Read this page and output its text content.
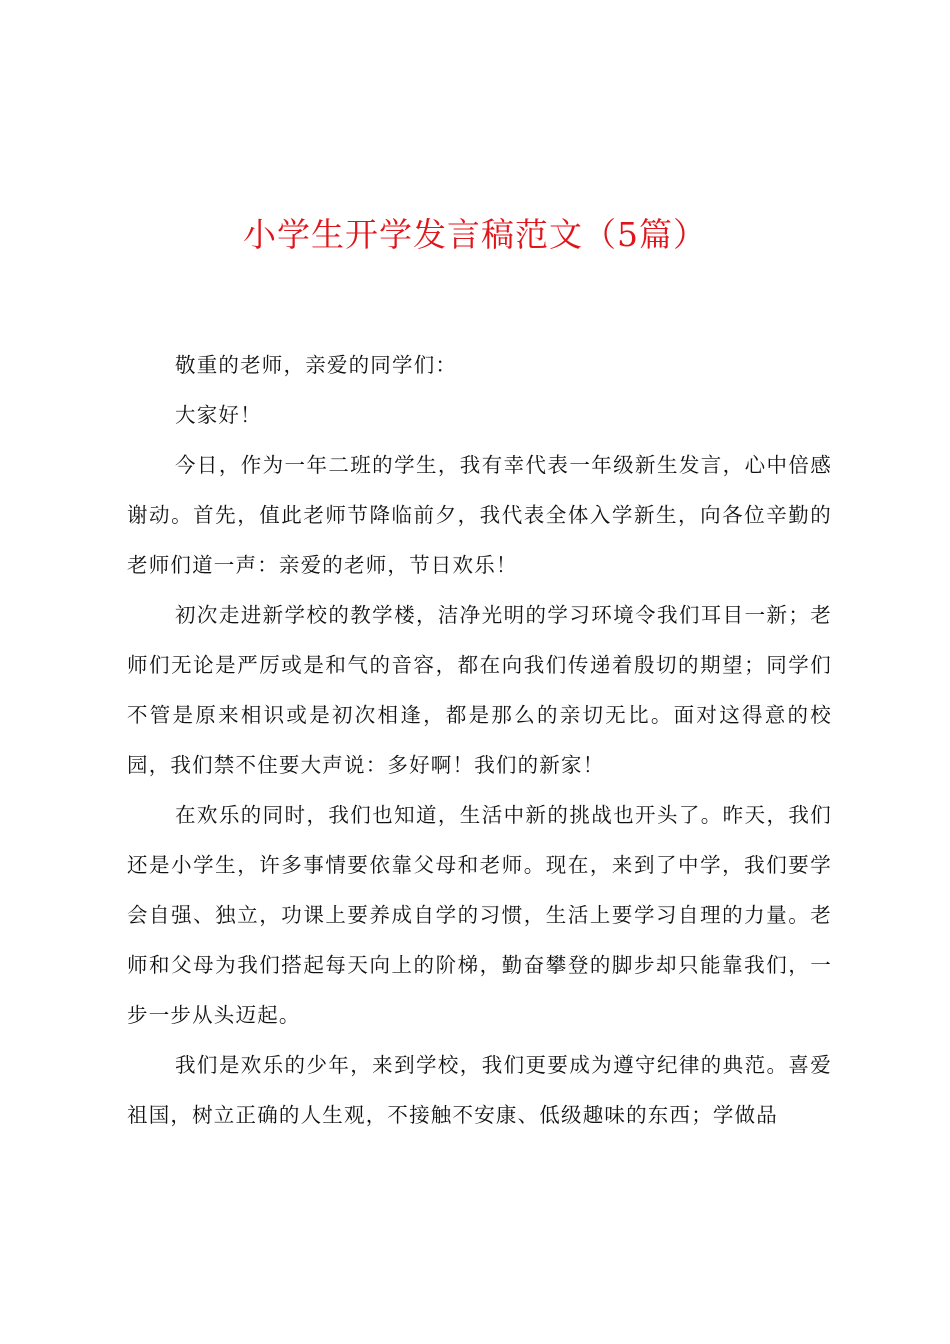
小学生开学发言稿范文（5篇）

敬重的老师，亲爱的同学们：

大家好！

今日，作为一年二班的学生，我有幸代表一年级新生发言，心中倍感谢动。首先，值此老师节降临前夕，我代表全体入学新生，向各位辛勤的老师们道一声：亲爱的老师，节日欢乐！

初次走进新学校的教学楼，洁净光明的学习环境令我们耳目一新；老师们无论是严厉或是和气的音容，都在向我们传递着殷切的期望；同学们不管是原来相识或是初次相逢，都是那么的亲切无比。面对这得意的校园，我们禁不住要大声说：多好啊！我们的新家！

在欢乐的同时，我们也知道，生活中新的挑战也开头了。昨天，我们还是小学生，许多事情要依靠父母和老师。现在，来到了中学，我们要学会自强、独立，功课上要养成自学的习惯，生活上要学习自理的力量。老师和父母为我们搭起每天向上的阶梯，勤奋攀登的脚步却只能靠我们，一步一步从头迈起。

我们是欢乐的少年，来到学校，我们更要成为遵守纪律的典范。喜爱祖国，树立正确的人生观，不接触不安康、低级趣味的东西；学做品
